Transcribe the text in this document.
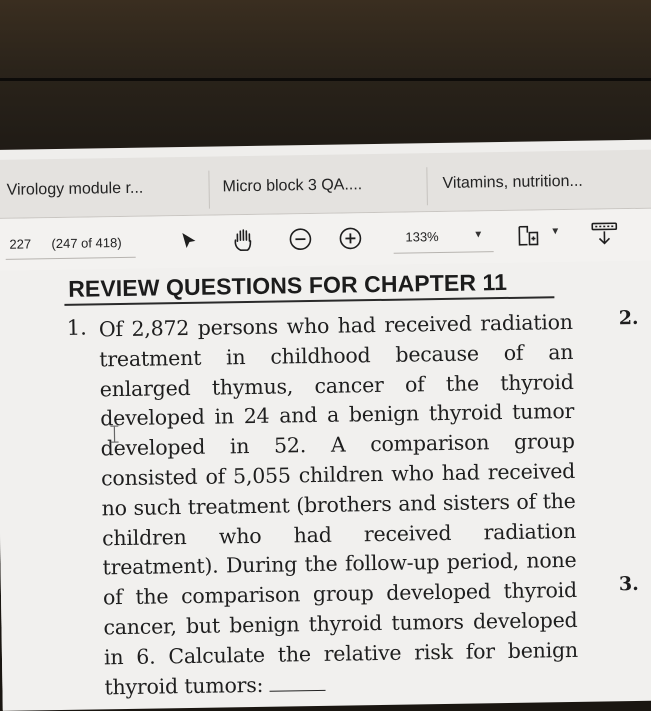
Virology module r...	Micro block 3 QA....	Vitamins, nutrition...
227 (247 of 418)	133%	▼	▼
REVIEW QUESTIONS FOR CHAPTER 11
1. Of 2,872 persons who had received radiation treatment in childhood because of an enlarged thymus, cancer of the thyroid developed in 24 and a benign thyroid tumor developed in 52. A comparison group consisted of 5,055 children who had received no such treatment (brothers and sisters of the children who had received radiation treatment). During the follow-up period, none of the comparison group developed thyroid cancer, but benign thyroid tumors developed in 6. Calculate the relative risk for benign thyroid tumors:
2.
3.
